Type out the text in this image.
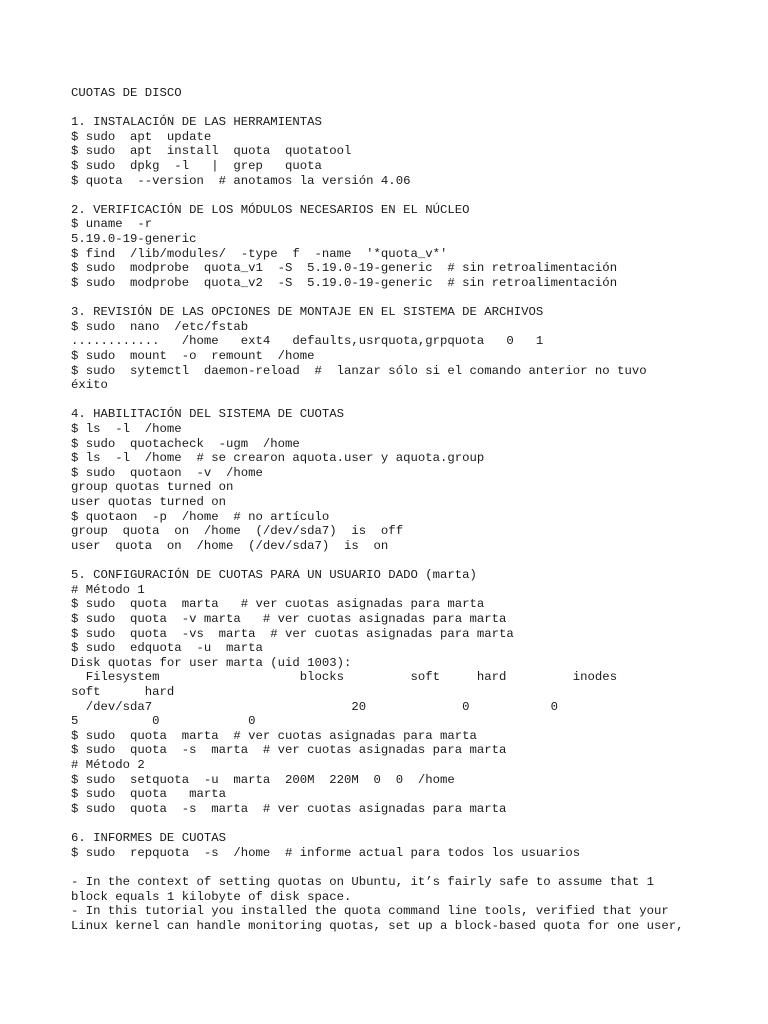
CUOTAS DE DISCO
1. INSTALACIÓN DE LAS HERRAMIENTAS
$ sudo  apt  update
$ sudo  apt  install  quota  quotatool
$ sudo  dpkg  -l   |  grep   quota
$ quota  --version  # anotamos la versión 4.06
2. VERIFICACIÓN DE LOS MÓDULOS NECESARIOS EN EL NÚCLEO
$ uname  -r
5.19.0-19-generic
$ find  /lib/modules/  -type  f  -name  '*quota_v*'
$ sudo  modprobe  quota_v1  -S  5.19.0-19-generic  # sin retroalimentación
$ sudo  modprobe  quota_v2  -S  5.19.0-19-generic  # sin retroalimentación
3. REVISIÓN DE LAS OPCIONES DE MONTAJE EN EL SISTEMA DE ARCHIVOS
$ sudo  nano  /etc/fstab
............   /home   ext4   defaults,usrquota,grpquota   0   1
$ sudo  mount  -o  remount  /home
$ sudo  sytemctl  daemon-reload  #  lanzar sólo si el comando anterior no tuvo
éxito
4. HABILITACIÓN DEL SISTEMA DE CUOTAS
$ ls  -l  /home
$ sudo  quotacheck  -ugm  /home
$ ls  -l  /home  # se crearon aquota.user y aquota.group
$ sudo  quotaon  -v  /home
group quotas turned on
user quotas turned on
$ quotaon  -p  /home  # no artículo
group  quota  on  /home  (/dev/sda7)  is  off
user  quota  on  /home  (/dev/sda7)  is  on
5. CONFIGURACIÓN DE CUOTAS PARA UN USUARIO DADO (marta)
# Método 1
$ sudo  quota  marta   # ver cuotas asignadas para marta
$ sudo  quota  -v marta   # ver cuotas asignadas para marta
$ sudo  quota  -vs  marta  # ver cuotas asignadas para marta
$ sudo  edquota  -u  marta
Disk quotas for user marta (uid 1003):
Filesystem                   blocks         soft     hard         inodes
soft      hard
/dev/sda7                           20             0           0
5          0            0
$ sudo  quota  marta  # ver cuotas asignadas para marta
$ sudo  quota  -s  marta  # ver cuotas asignadas para marta
# Método 2
$ sudo  setquota  -u  marta  200M  220M  0  0  /home
$ sudo  quota   marta
$ sudo  quota  -s  marta  # ver cuotas asignadas para marta
6. INFORMES DE CUOTAS
$ sudo  repquota  -s  /home  # informe actual para todos los usuarios
- In the context of setting quotas on Ubuntu, it’s fairly safe to assume that 1
block equals 1 kilobyte of disk space.
- In this tutorial you installed the quota command line tools, verified that your
Linux kernel can handle monitoring quotas, set up a block-based quota for one user,
